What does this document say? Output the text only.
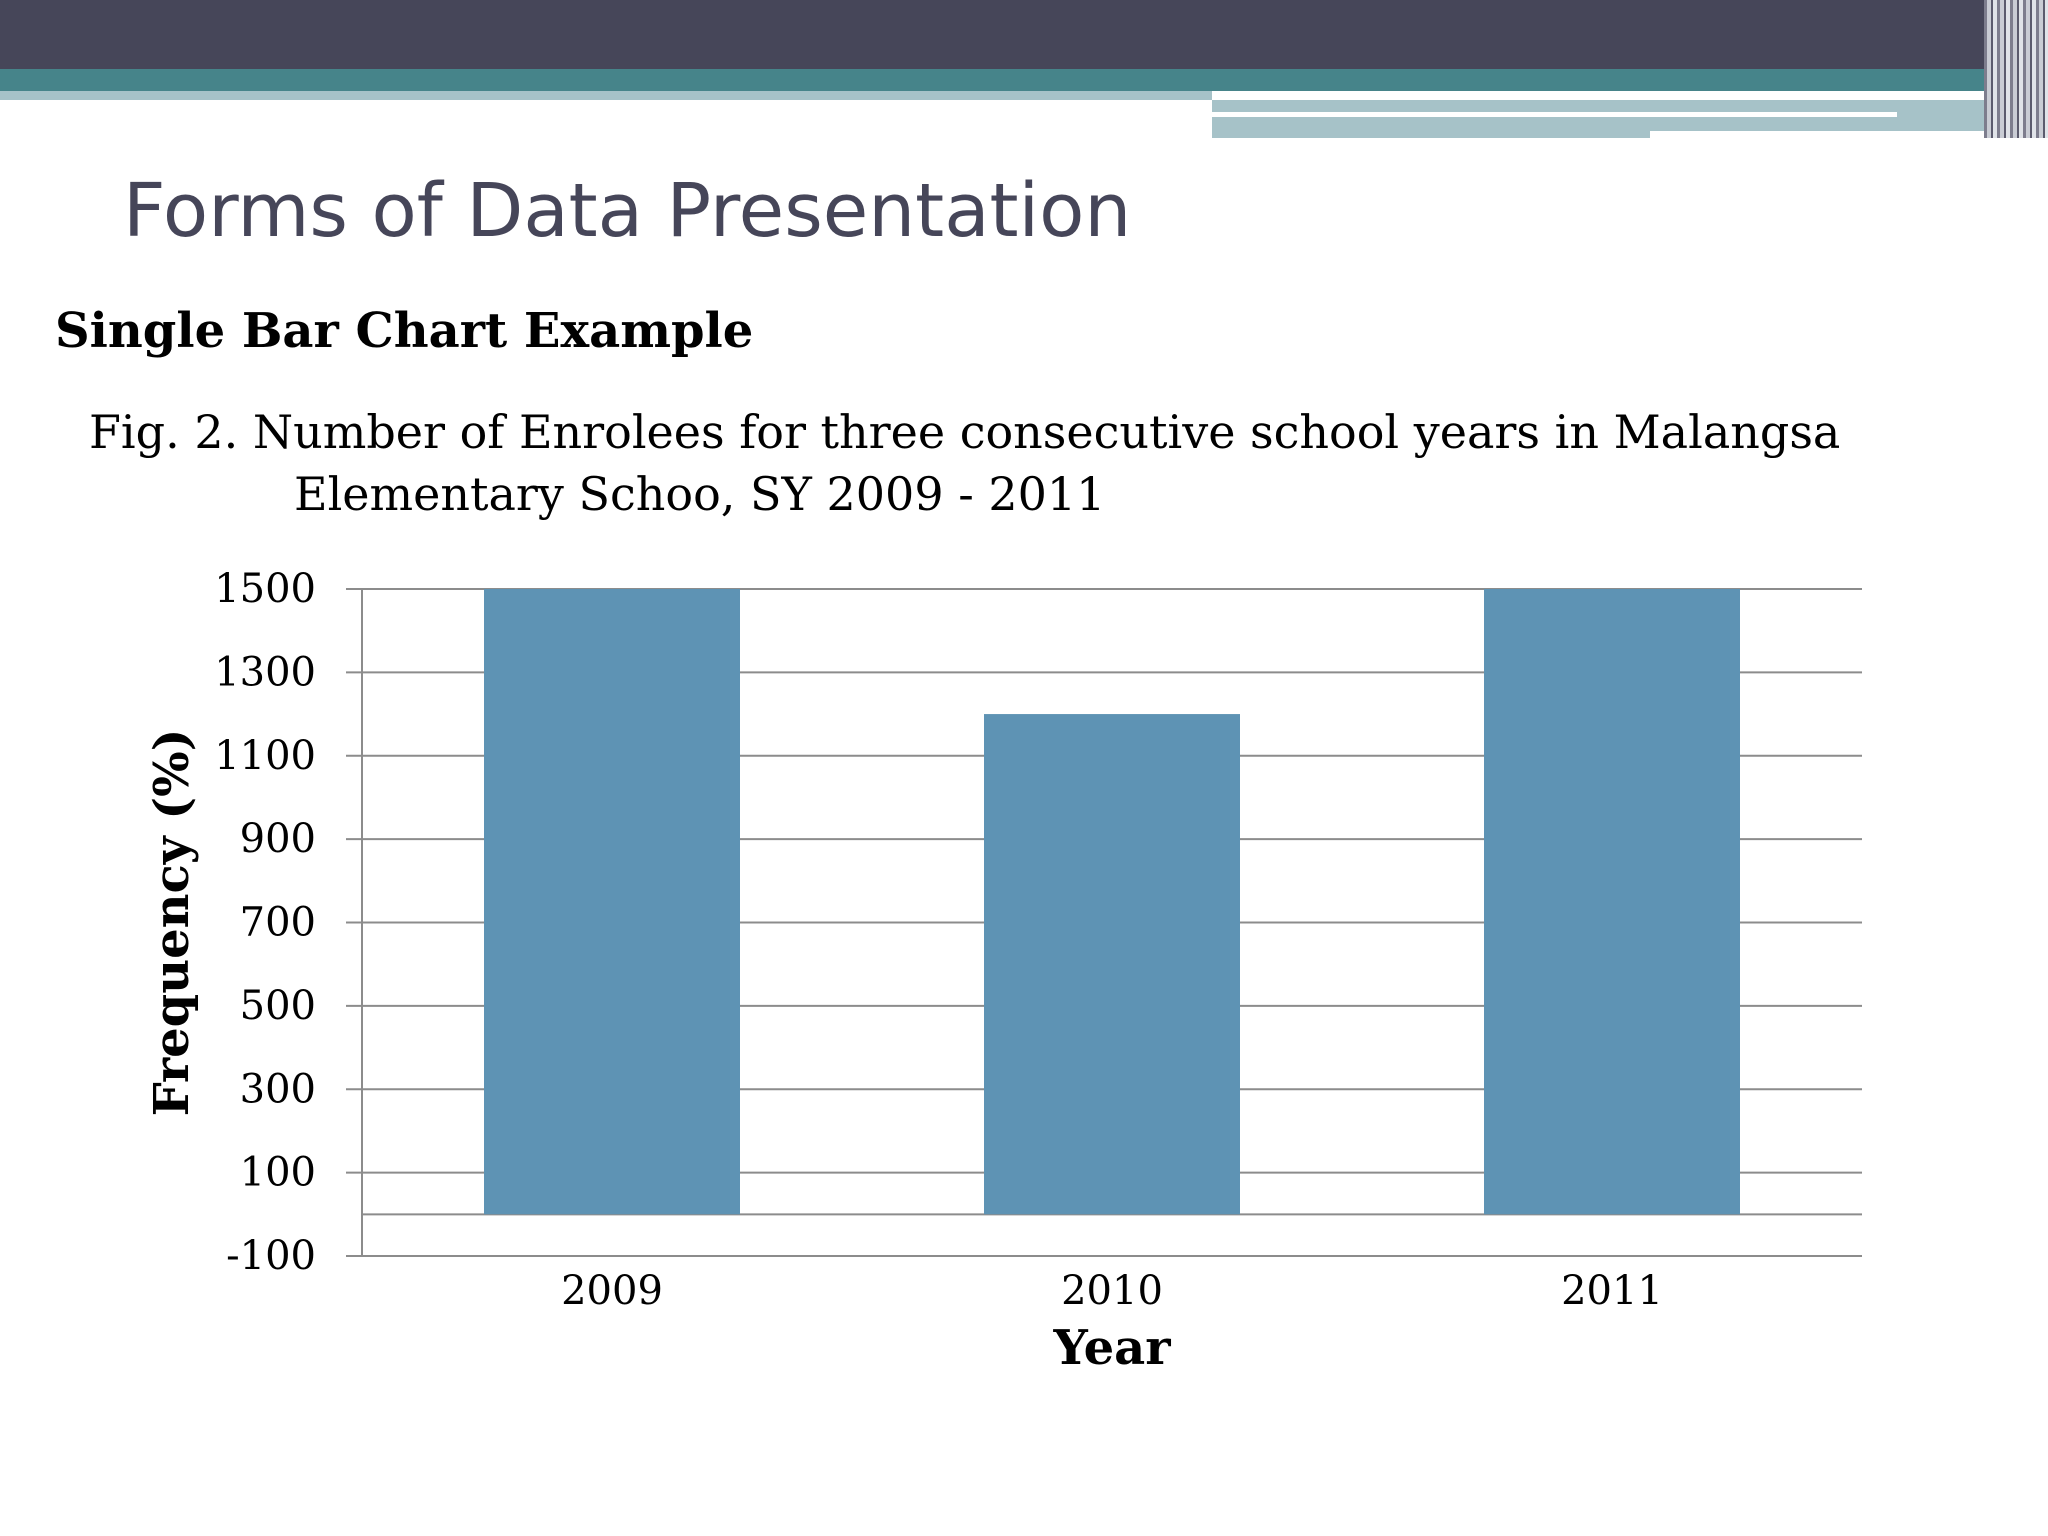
Forms of Data Presentation
Single Bar Chart Example
Fig. 2. Number of Enrolees for three consecutive school years in Malangsa
Elementary Schoo, SY 2009 - 2011
1500
1300
1100
900
700
500
300
100
-100
2009	2010	2011
Frequency (%)
Year
